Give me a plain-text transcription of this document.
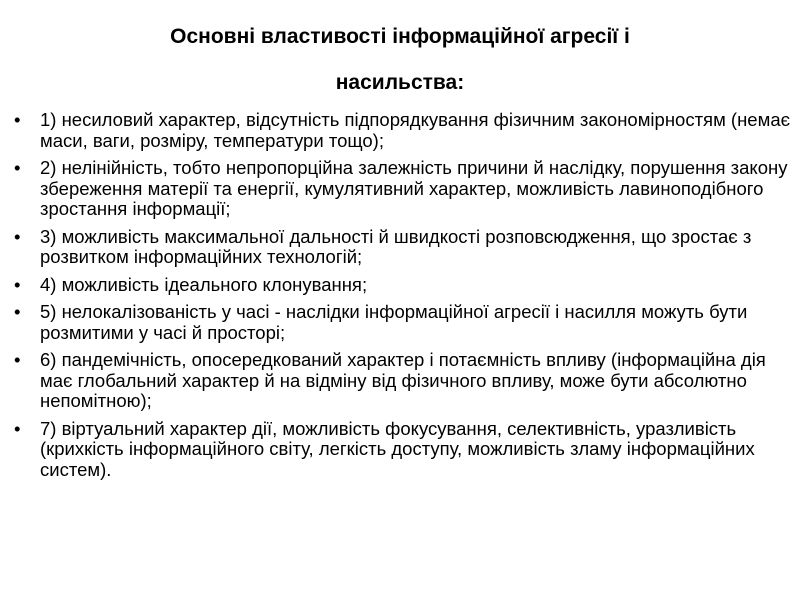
Основні властивості інформаційної агресії і
насильства:
• 1) несиловий характер, відсутність підпорядкування фізичним закономірностям (немає маси, ваги, розміру, температури тощо);
• 2) нелінійність, тобто непропорційна залежність причини й наслідку, порушення закону збереження матерії та енергії, кумулятивний характер, можливість лавиноподібного зростання інформації;
• 3) можливість максимальної дальності й швидкості розповсюдження, що зростає з розвитком інформаційних технологій;
• 4) можливість ідеального клонування;
• 5) нелокалізованість у часі - наслідки інформаційної агресії і насилля можуть бути розмитими у часі й просторі;
• 6) пандемічність, опосередкований характер і потаємність впливу (інформаційна дія має глобальний характер й на відміну від фізичного впливу, може бути абсолютно непомітною);
• 7) віртуальний характер дії, можливість фокусування, селективність, уразливість (крихкість інформаційного світу, легкість доступу, можливість зламу інформаційних систем).
